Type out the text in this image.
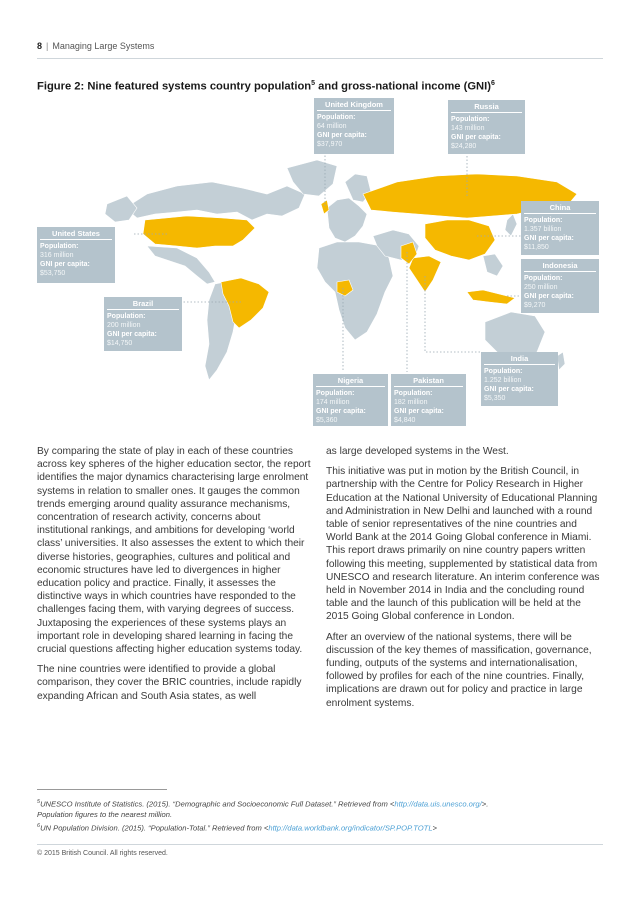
8 | Managing Large Systems
Figure 2: Nine featured systems country population$^5$ and gross-national income (GNI)$^6$
United Kingdom
Population:
64 million
GNI per capita:
$37,970
Russia
Population:
143 million
GNI per capita:
$24,280
United States
Population:
316 million
GNI per capita:
$53,750
China
Population:
1.357 billion
GNI per capita:
$11,850
Indonesia
Population:
250 million
GNI per capita:
$9,270
Brazil
Population:
200 million
GNI per capita:
$14,750
India
Population:
1.252 billion
GNI per capita:
$5,350
Nigeria
Population:
174 million
GNI per capita:
$5,360
Pakistan
Population:
182 million
GNI per capita:
$4,840

By comparing the state of play in each of these countries across key spheres of the higher education sector, the report identifies the major dynamics characterising large enrolment systems in relation to smaller ones. It gauges the common trends emerging around quality assurance mechanisms, concentration of research activity, concerns about institutional rankings, and ambitions for developing ‘world class’ universities. It also assesses the extent to which their diverse histories, geographies, cultures and political and economic structures have led to divergences in higher education policy and practice. Finally, it assesses the distinctive ways in which countries have responded to the challenges facing them, with varying degrees of success. Juxtaposing the experiences of these systems plays an important role in developing shared learning in facing the crucial questions affecting higher education systems today.

The nine countries were identified to provide a global comparison, they cover the BRIC countries, include rapidly expanding African and South Asia states, as well

as large developed systems in the West.

This initiative was put in motion by the British Council, in partnership with the Centre for Policy Research in Higher Education at the National University of Educational Planning and Administration in New Delhi and launched with a round table of senior representatives of the nine countries and World Bank at the 2014 Going Global conference in Miami. This report draws primarily on nine country papers written following this meeting, supplemented by statistical data from UNESCO and research literature. An interim conference was held in November 2014 in India and the concluding round table and the launch of this publication will be held at the 2015 Going Global conference in London.

After an overview of the national systems, there will be discussion of the key themes of massification, governance, funding, outputs of the systems and internationalisation, followed by profiles for each of the nine countries. Finally, implications are drawn out for policy and practice in large enrolment systems.

$^5$UNESCO Institute of Statistics. (2015). “Demographic and Socioeconomic Full Dataset.” Retrieved from <http://data.uis.unesco.org/>.
Population figures to the nearest million.
$^6$UN Population Division. (2015). “Population-Total.” Retrieved from <http://data.worldbank.org/indicator/SP.POP.TOTL>
© 2015 British Council. All rights reserved.
